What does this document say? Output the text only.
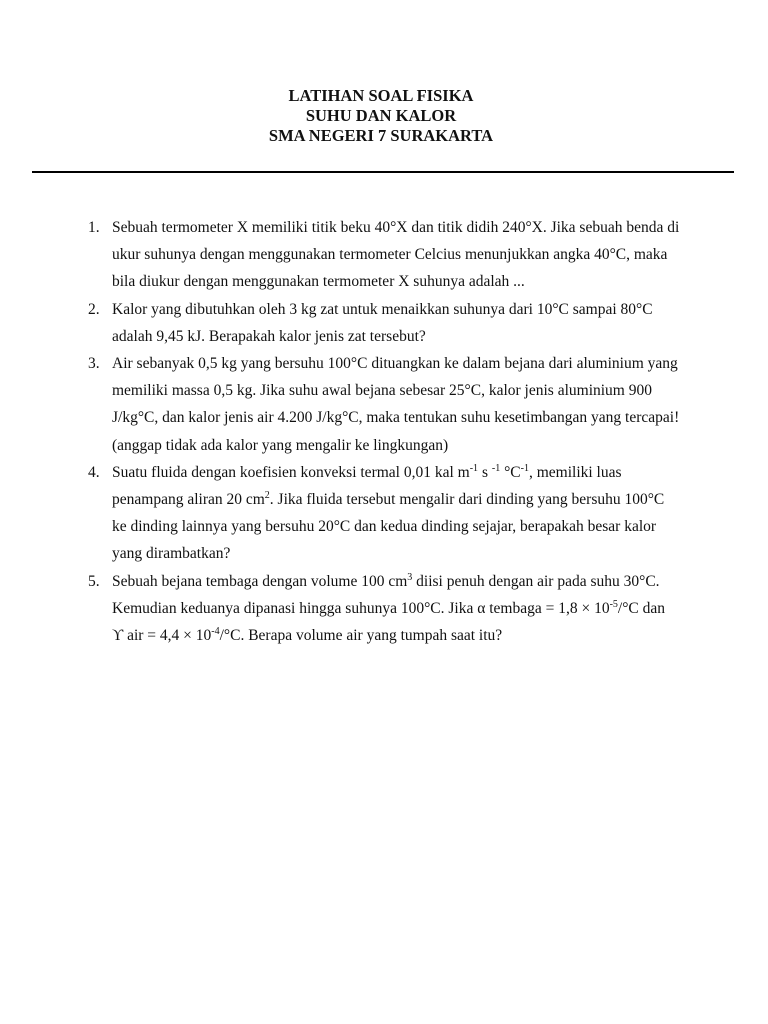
LATIHAN SOAL FISIKA
SUHU DAN KALOR
SMA NEGERI 7 SURAKARTA
1. Sebuah termometer X memiliki titik beku 40°X dan titik didih 240°X. Jika sebuah benda di ukur suhunya dengan menggunakan termometer Celcius menunjukkan angka 40°C, maka bila diukur dengan menggunakan termometer X suhunya adalah ...
2. Kalor yang dibutuhkan oleh 3 kg zat untuk menaikkan suhunya dari 10°C sampai 80°C adalah 9,45 kJ. Berapakah kalor jenis zat tersebut?
3. Air sebanyak 0,5 kg yang bersuhu 100°C dituangkan ke dalam bejana dari aluminium yang memiliki massa 0,5 kg. Jika suhu awal bejana sebesar 25°C, kalor jenis aluminium 900 J/kg°C, dan kalor jenis air 4.200 J/kg°C, maka tentukan suhu kesetimbangan yang tercapai! (anggap tidak ada kalor yang mengalir ke lingkungan)
4. Suatu fluida dengan koefisien konveksi termal 0,01 kal $m^{-1}$ s $^{-1}$ $^\circ C^{-1}$, memiliki luas penampang aliran 20 $cm^2$. Jika fluida tersebut mengalir dari dinding yang bersuhu 100°C ke dinding lainnya yang bersuhu 20°C dan kedua dinding sejajar, berapakah besar kalor yang dirambatkan?
5. Sebuah bejana tembaga dengan volume 100 $cm^3$ diisi penuh dengan air pada suhu 30°C. Kemudian keduanya dipanasi hingga suhunya 100°C. Jika α tembaga = $1,8 \times 10^{-5}/^\circ C$ dan ϒ air = $4,4 \times 10^{-4}/^\circ C$. Berapa volume air yang tumpah saat itu?
